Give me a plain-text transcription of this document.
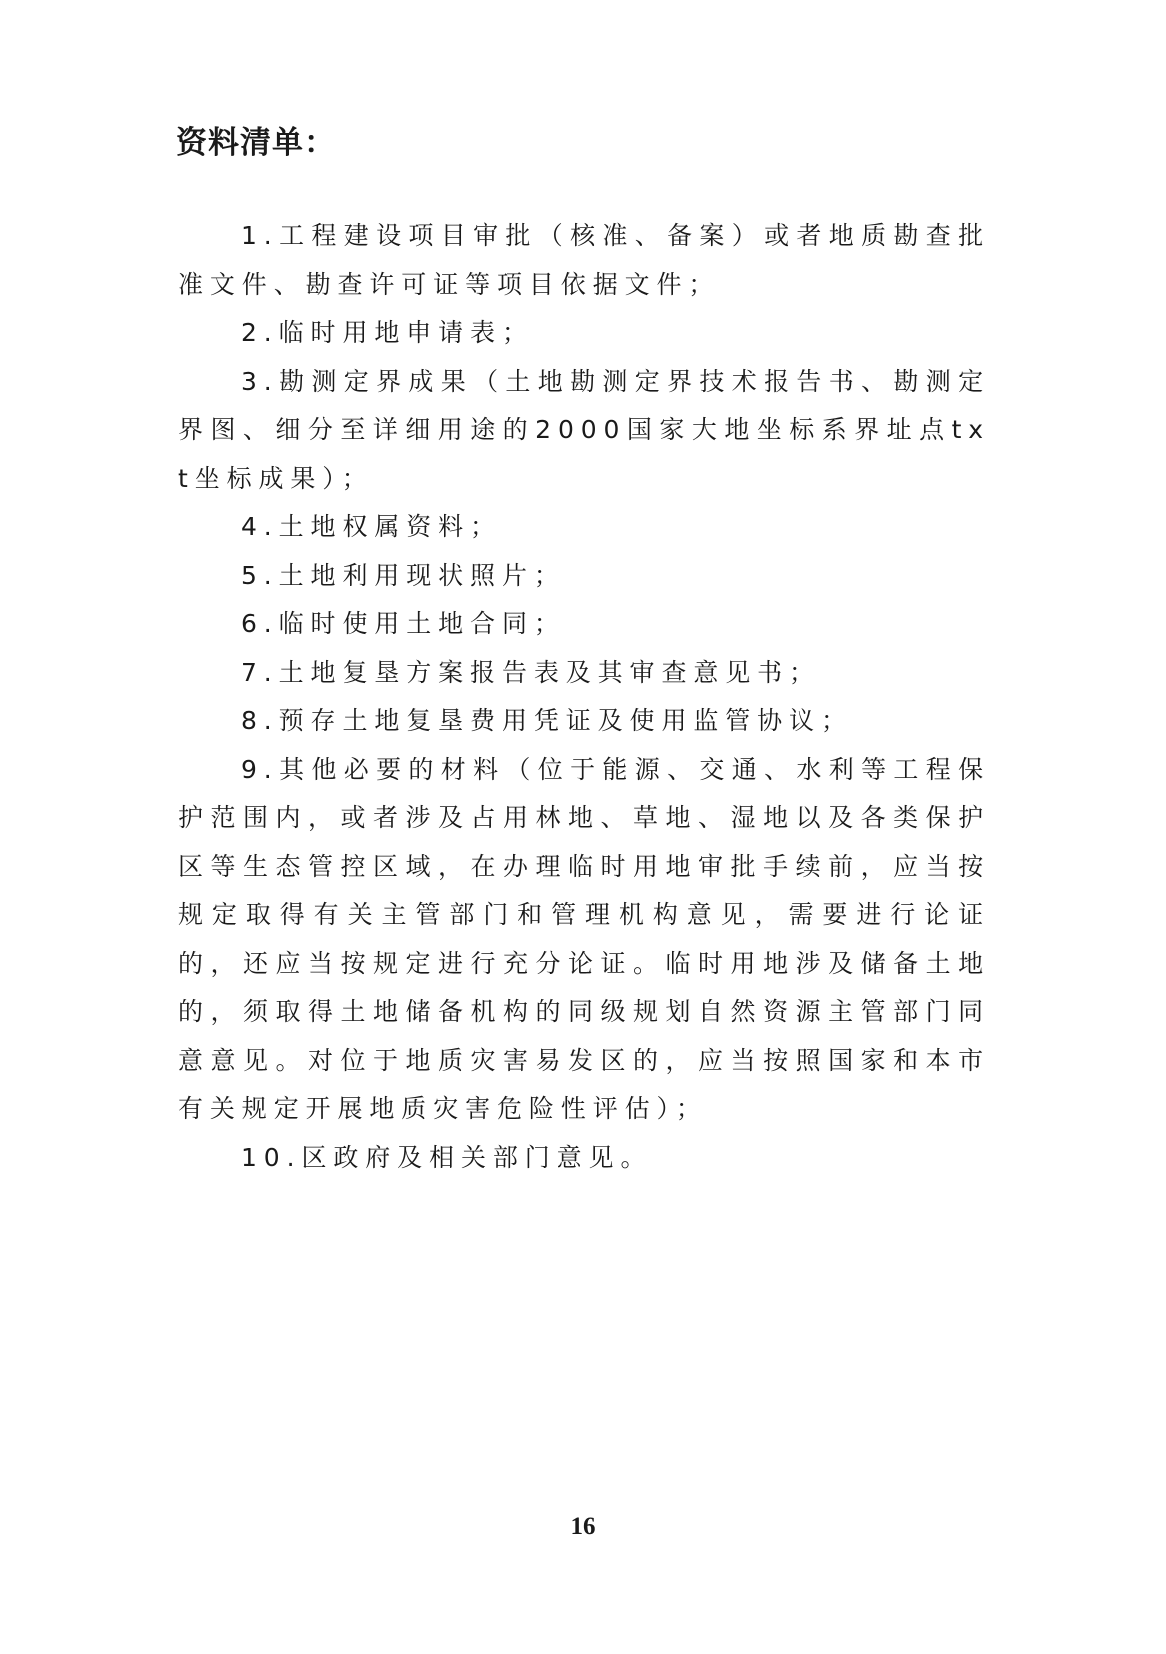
资料清单：

1.工程建设项目审批（核准、备案）或者地质勘查批准文件、勘查许可证等项目依据文件；

2.临时用地申请表；

3.勘测定界成果（土地勘测定界技术报告书、勘测定界图、细分至详细用途的2000国家大地坐标系界址点txt坐标成果）；

4.土地权属资料；

5.土地利用现状照片；

6.临时使用土地合同；

7.土地复垦方案报告表及其审查意见书；

8.预存土地复垦费用凭证及使用监管协议；

9.其他必要的材料（位于能源、交通、水利等工程保护范围内，或者涉及占用林地、草地、湿地以及各类保护区等生态管控区域，在办理临时用地审批手续前，应当按规定取得有关主管部门和管理机构意见，需要进行论证的，还应当按规定进行充分论证。临时用地涉及储备土地的，须取得土地储备机构的同级规划自然资源主管部门同意意见。对位于地质灾害易发区的，应当按照国家和本市有关规定开展地质灾害危险性评估）；

10.区政府及相关部门意见。

16
